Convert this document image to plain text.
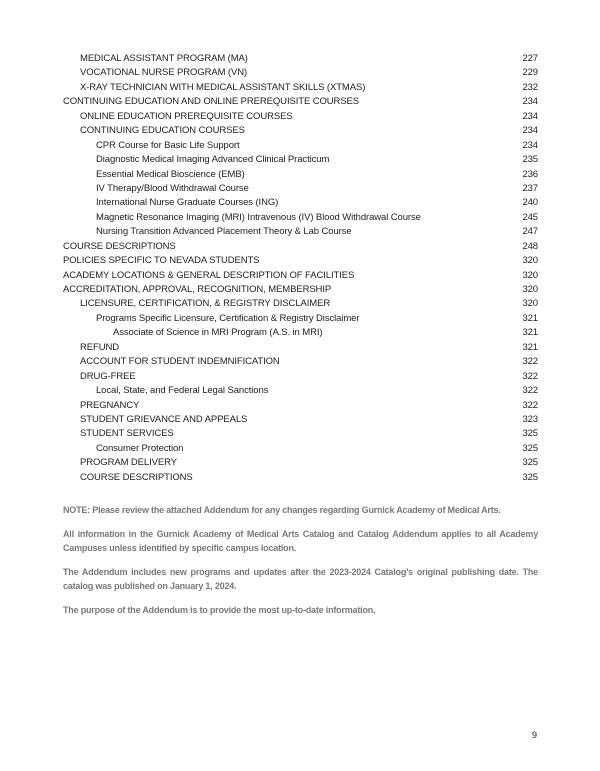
MEDICAL ASSISTANT PROGRAM (MA)	227
VOCATIONAL NURSE PROGRAM (VN)	229
X-RAY TECHNICIAN WITH MEDICAL ASSISTANT SKILLS (XTMAS)	232
CONTINUING EDUCATION AND ONLINE PREREQUISITE COURSES	234
ONLINE EDUCATION PREREQUISITE COURSES	234
CONTINUING EDUCATION COURSES	234
CPR Course for Basic Life Support	234
Diagnostic Medical Imaging Advanced Clinical Practicum	235
Essential Medical Bioscience (EMB)	236
IV Therapy/Blood Withdrawal Course	237
International Nurse Graduate Courses (ING)	240
Magnetic Resonance Imaging (MRI) Intravenous (IV) Blood Withdrawal Course	245
Nursing Transition Advanced Placement Theory & Lab Course	247
COURSE DESCRIPTIONS	248
POLICIES SPECIFIC TO NEVADA STUDENTS	320
ACADEMY LOCATIONS & GENERAL DESCRIPTION OF FACILITIES	320
ACCREDITATION, APPROVAL, RECOGNITION, MEMBERSHIP	320
LICENSURE, CERTIFICATION, & REGISTRY DISCLAIMER	320
Programs Specific Licensure, Certification & Registry Disclaimer	321
Associate of Science in MRI Program (A.S. in MRI)	321
REFUND	321
ACCOUNT FOR STUDENT INDEMNIFICATION	322
DRUG-FREE	322
Local, State, and Federal Legal Sanctions	322
PREGNANCY	322
STUDENT GRIEVANCE AND APPEALS	323
STUDENT SERVICES	325
Consumer Protection	325
PROGRAM DELIVERY	325
COURSE DESCRIPTIONS	325

NOTE: Please review the attached Addendum for any changes regarding Gurnick Academy of Medical Arts.

All information in the Gurnick Academy of Medical Arts Catalog and Catalog Addendum applies to all Academy Campuses unless identified by specific campus location.

The Addendum includes new programs and updates after the 2023-2024 Catalog’s original publishing date. The catalog was published on January 1, 2024.

The purpose of the Addendum is to provide the most up-to-date information.

9
